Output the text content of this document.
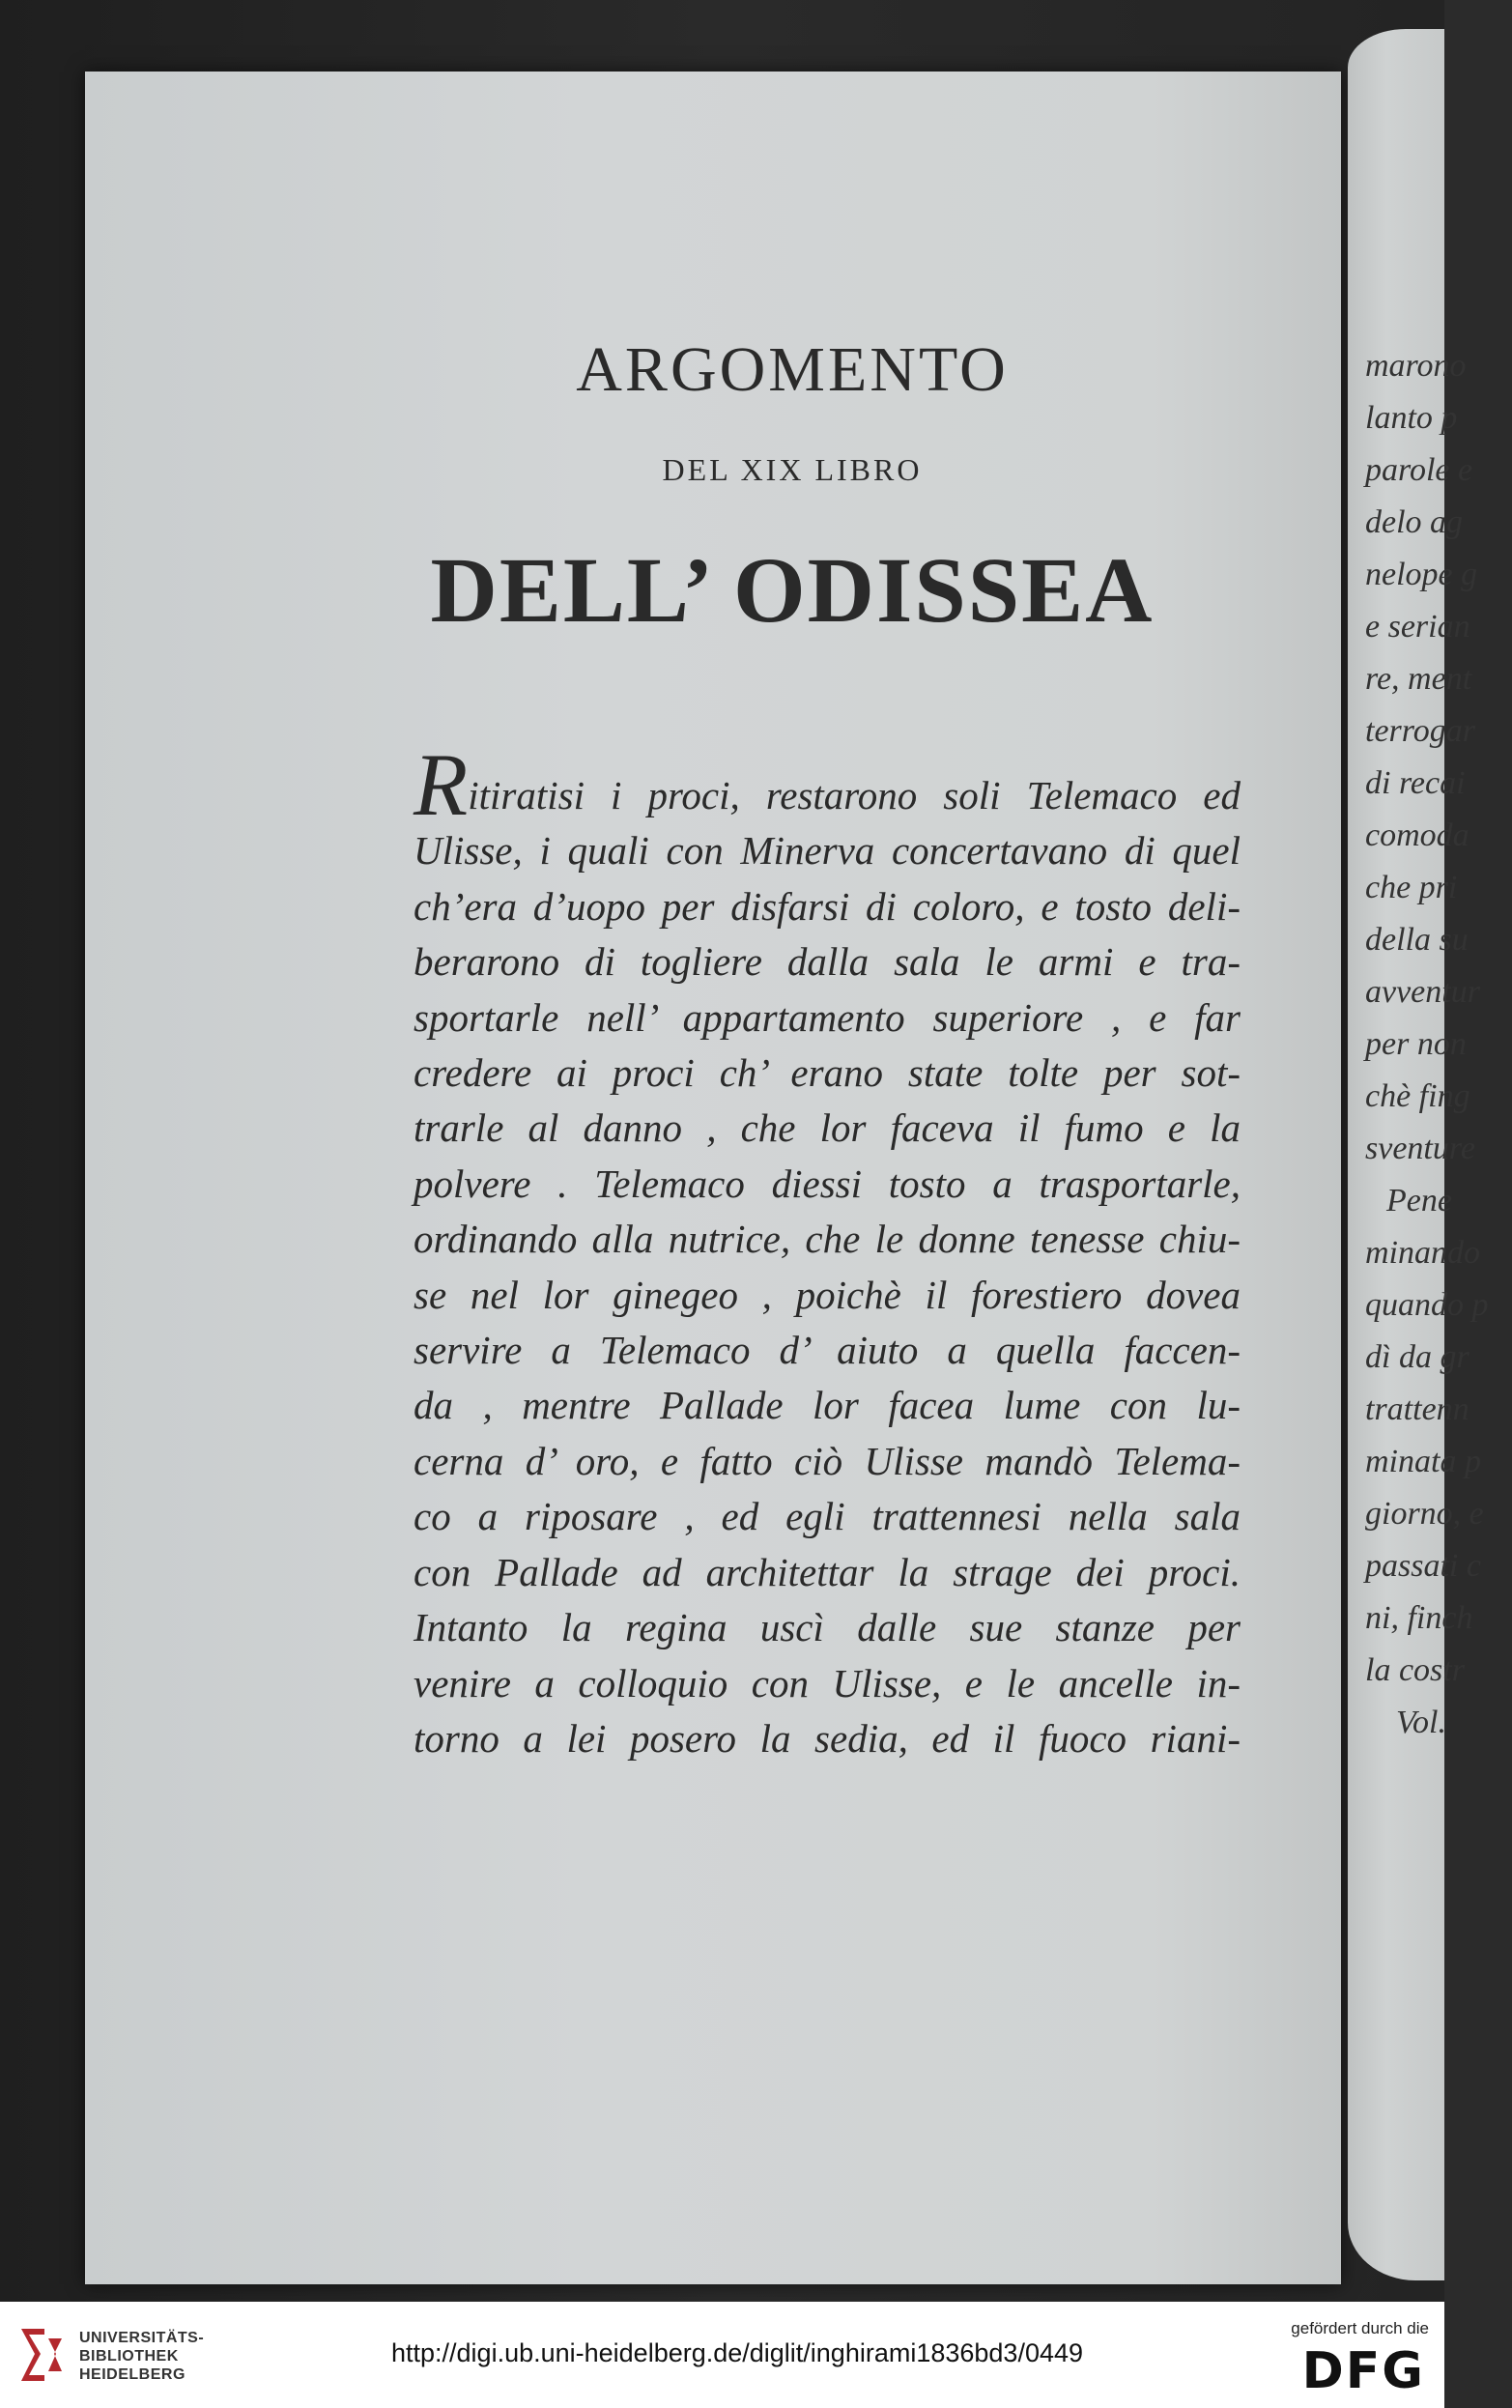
marono
lanto p
parole e
delo ag
nelope g
e serian
re, ment
terrogar
di recai
comoda
che pri
della su
avventur
per non
chè fing
sventure
Pene
minando
quando p
dì da gr
trattenn
minata p
giorno, e
passati c
ni, finch
la costr
Vol.
ARGOMENTO
DEL XIX LIBRO
DELL’ ODISSEA
Ritiratisi i proci, restarono soli Telemaco ed
Ulisse, i quali con Minerva concertavano di quel
ch’era d’uopo per disfarsi di coloro, e tosto deli-
berarono di togliere dalla sala le armi e tra-
sportarle nell’ appartamento superiore , e far
credere ai proci ch’ erano state tolte per sot-
trarle al danno , che lor faceva il fumo e la
polvere . Telemaco diessi tosto a trasportarle,
ordinando alla nutrice, che le donne tenesse chiu-
se nel lor ginegeo , poichè il forestiero dovea
servire a Telemaco d’ aiuto a quella faccen-
da , mentre Pallade lor facea lume con lu-
cerna d’ oro, e fatto ciò Ulisse mandò Telema-
co a riposare , ed egli trattennesi nella sala
con Pallade ad architettar la strage dei proci.
Intanto la regina uscì dalle sue stanze per
venire a colloquio con Ulisse, e le ancelle in-
torno a lei posero la sedia, ed il fuoco riani-
UNIVERSITÄTS-
BIBLIOTHEK
HEIDELBERG
http://digi.ub.uni-heidelberg.de/diglit/inghirami1836bd3/0449
gefördert durch die
DFG
